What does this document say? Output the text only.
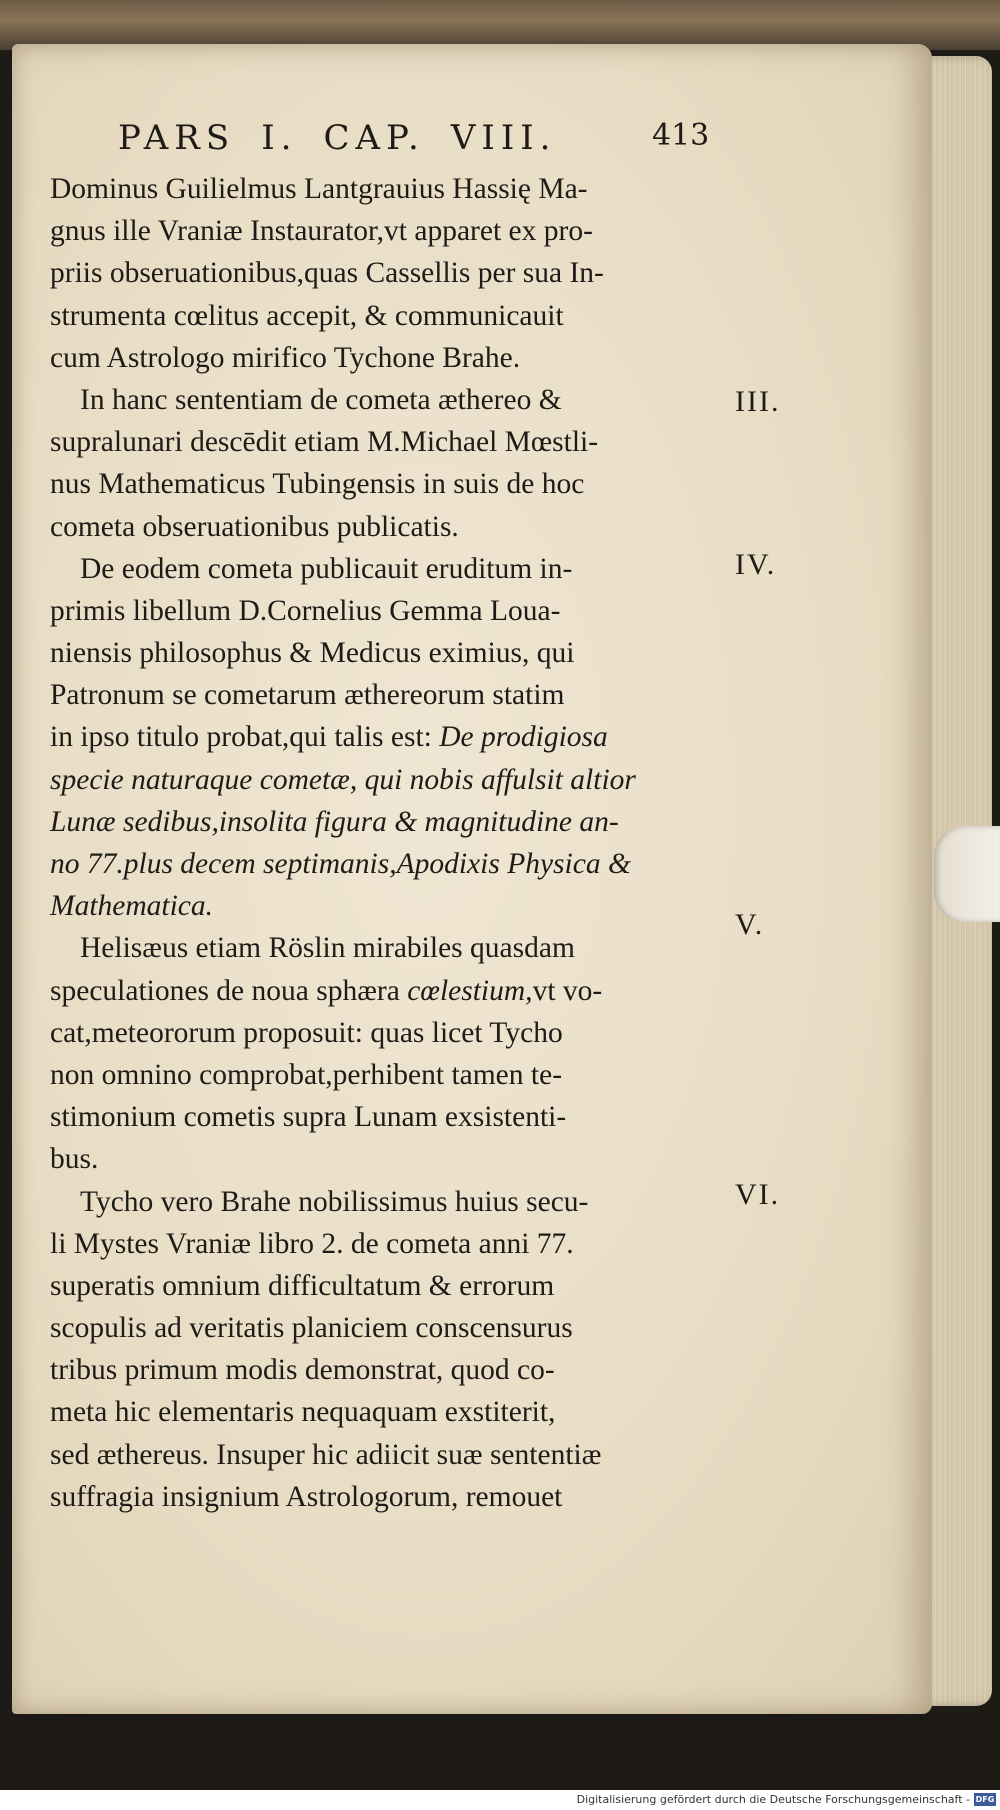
PARS I. CAP. VIII.	413
Dominus Guilielmus Lantgrauius Hassię Ma-
gnus ille Vraniæ Instaurator,vt apparet ex pro-
priis obseruationibus,quas Cassellis per sua In-
strumenta cœlitus accepit, & communicauit
cum Astrologo mirifico Tychone Brahe.
In hanc sententiam de cometa æthereo &
supralunari descēdit etiam M.Michael Mœstli-
nus Mathematicus Tubingensis in suis de hoc
cometa obseruationibus publicatis.
De eodem cometa publicauit eruditum in-
primis libellum D.Cornelius Gemma Loua-
niensis philosophus & Medicus eximius, qui
Patronum se cometarum æthereorum statim
in ipso titulo probat,qui talis est: De prodigiosa
specie naturaque cometæ, qui nobis affulsit altior
Lunæ sedibus,insolita figura & magnitudine an-
no 77.plus decem septimanis,Apodixis Physica &
Mathematica.
Helisæus etiam Röslin mirabiles quasdam
speculationes de noua sphæra cœlestium,vt vo-
cat,meteororum proposuit: quas licet Tycho
non omnino comprobat,perhibent tamen te-
stimonium cometis supra Lunam exsistenti-
bus.
Tycho vero Brahe nobilissimus huius secu-
li Mystes Vraniæ libro 2. de cometa anni 77.
superatis omnium difficultatum & errorum
scopulis ad veritatis planiciem conscensurus
tribus primum modis demonstrat, quod co-
meta hic elementaris nequaquam exstiterit,
sed æthereus. Insuper hic adiicit suæ sententiæ
suffragia insignium Astrologorum, remouet
III.
IV.
V.
VI.
Digitalisierung gefördert durch die Deutsche Forschungsgemeinschaft - DFG
